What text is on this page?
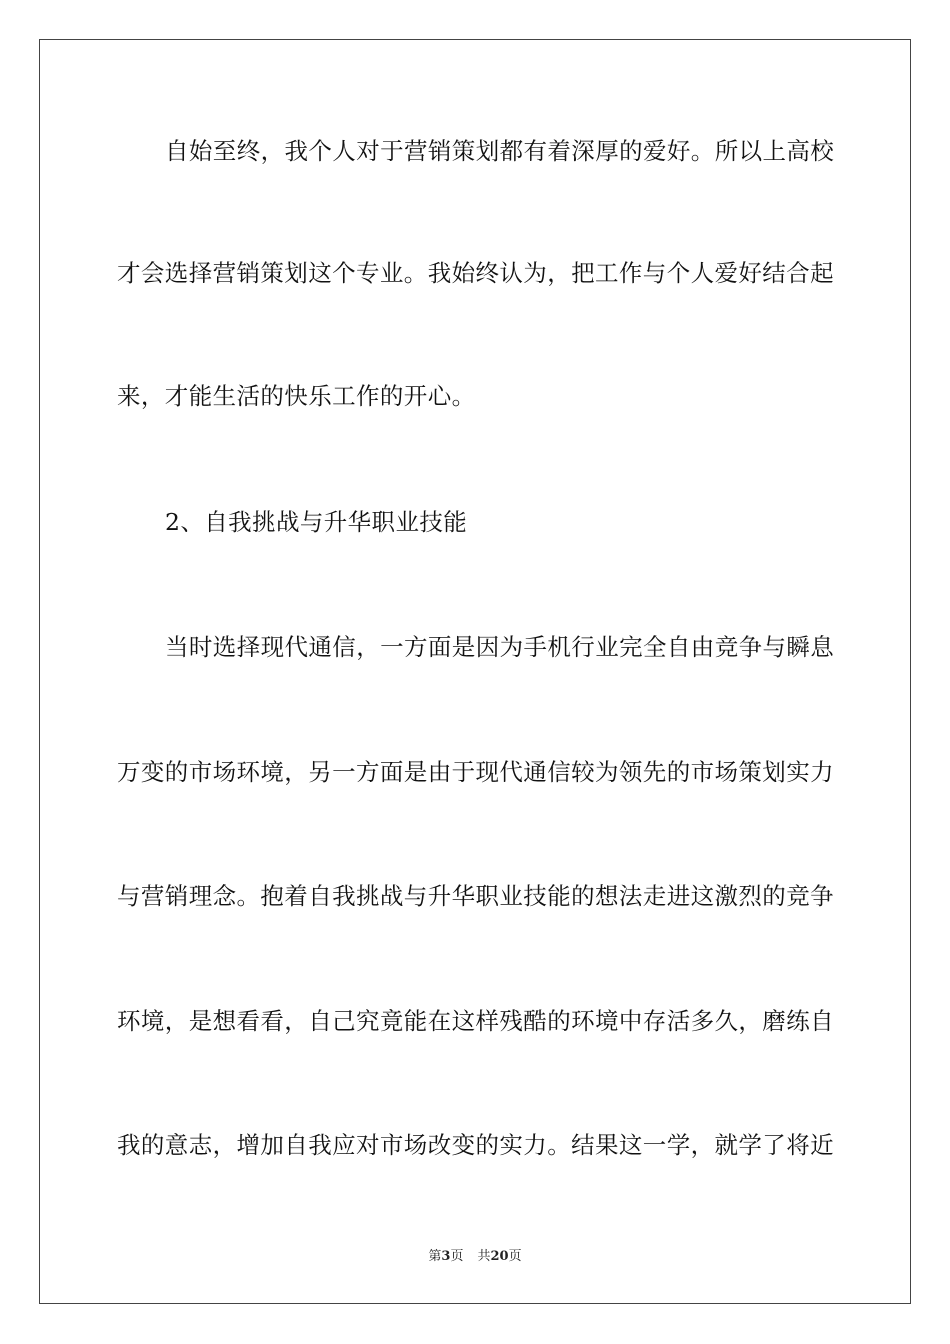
自始至终，我个人对于营销策划都有着深厚的爱好。所以上高校
才会选择营销策划这个专业。我始终认为，把工作与个人爱好结合起
来，才能生活的快乐工作的开心。
2、自我挑战与升华职业技能
当时选择现代通信，一方面是因为手机行业完全自由竞争与瞬息
万变的市场环境，另一方面是由于现代通信较为领先的市场策划实力
与营销理念。抱着自我挑战与升华职业技能的想法走进这激烈的竞争
环境，是想看看，自己究竟能在这样残酷的环境中存活多久，磨练自
我的意志，增加自我应对市场改变的实力。结果这一学，就学了将近
第3页 共20页
